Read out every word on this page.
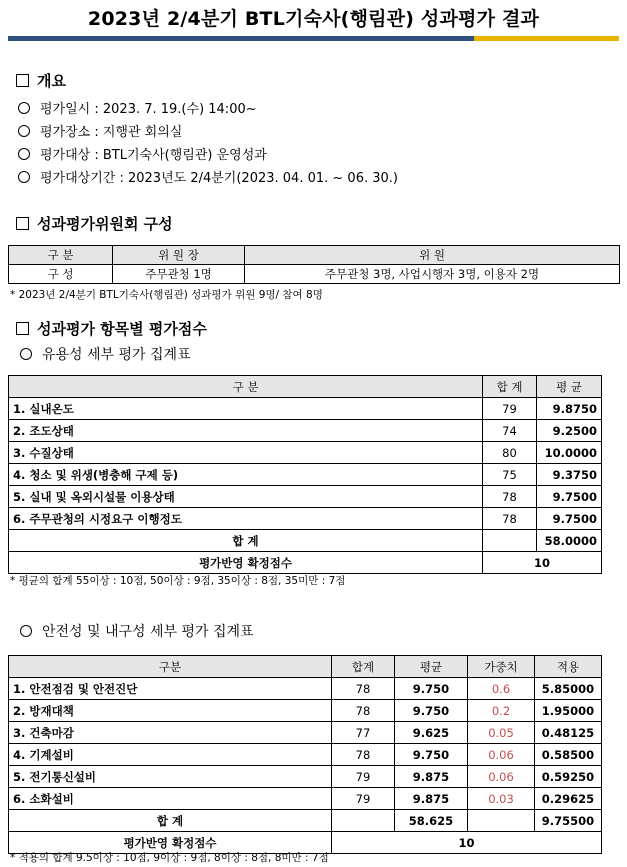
2023년 2/4분기 BTL기숙사(행림관) 성과평가 결과
개요
평가일시 : 2023. 7. 19.(수) 14:00~
평가장소 : 지행관 회의실
평가대상 : BTL기숙사(행림관) 운영성과
평가대상기간 : 2023년도 2/4분기(2023. 04. 01. ~ 06. 30.)
성과평가위원회 구성
구 분	위 원 장	위 원
구 성	주무관청 1명	주무관청 3명, 사업시행자 3명, 이용자 2명
* 2023년 2/4분기 BTL기숙사(행림관) 성과평가 위원 9명/ 참여 8명
성과평가 항목별 평가점수
유용성 세부 평가 집계표
구 분	합 계	평 균
1. 실내온도	79	9.8750
2. 조도상태	74	9.2500
3. 수질상태	80	10.0000
4. 청소 및 위생(병충해 구제 등)	75	9.3750
5. 실내 및 옥외시설물 이용상태	78	9.7500
6. 주무관청의 시정요구 이행정도	78	9.7500
합 계		58.0000
평가반영 확정점수	10	
* 평균의 합계 55이상 : 10점, 50이상 : 9점, 35이상 : 8점, 35미만 : 7점
안전성 및 내구성 세부 평가 집계표
구분	합계	평균	가중치	적용
1. 안전점검 및 안전진단	78	9.750	0.6	5.85000
2. 방재대책	78	9.750	0.2	1.95000
3. 건축마감	77	9.625	0.05	0.48125
4. 기계설비	78	9.750	0.06	0.58500
5. 전기통신설비	79	9.875	0.06	0.59250
6. 소화설비	79	9.875	0.03	0.29625
합 계		58.625		9.75500
평가반영 확정점수	10			
* 적용의 합계 9.5이상 : 10점, 9이상 : 9점, 8이상 : 8점, 8미만 : 7점
